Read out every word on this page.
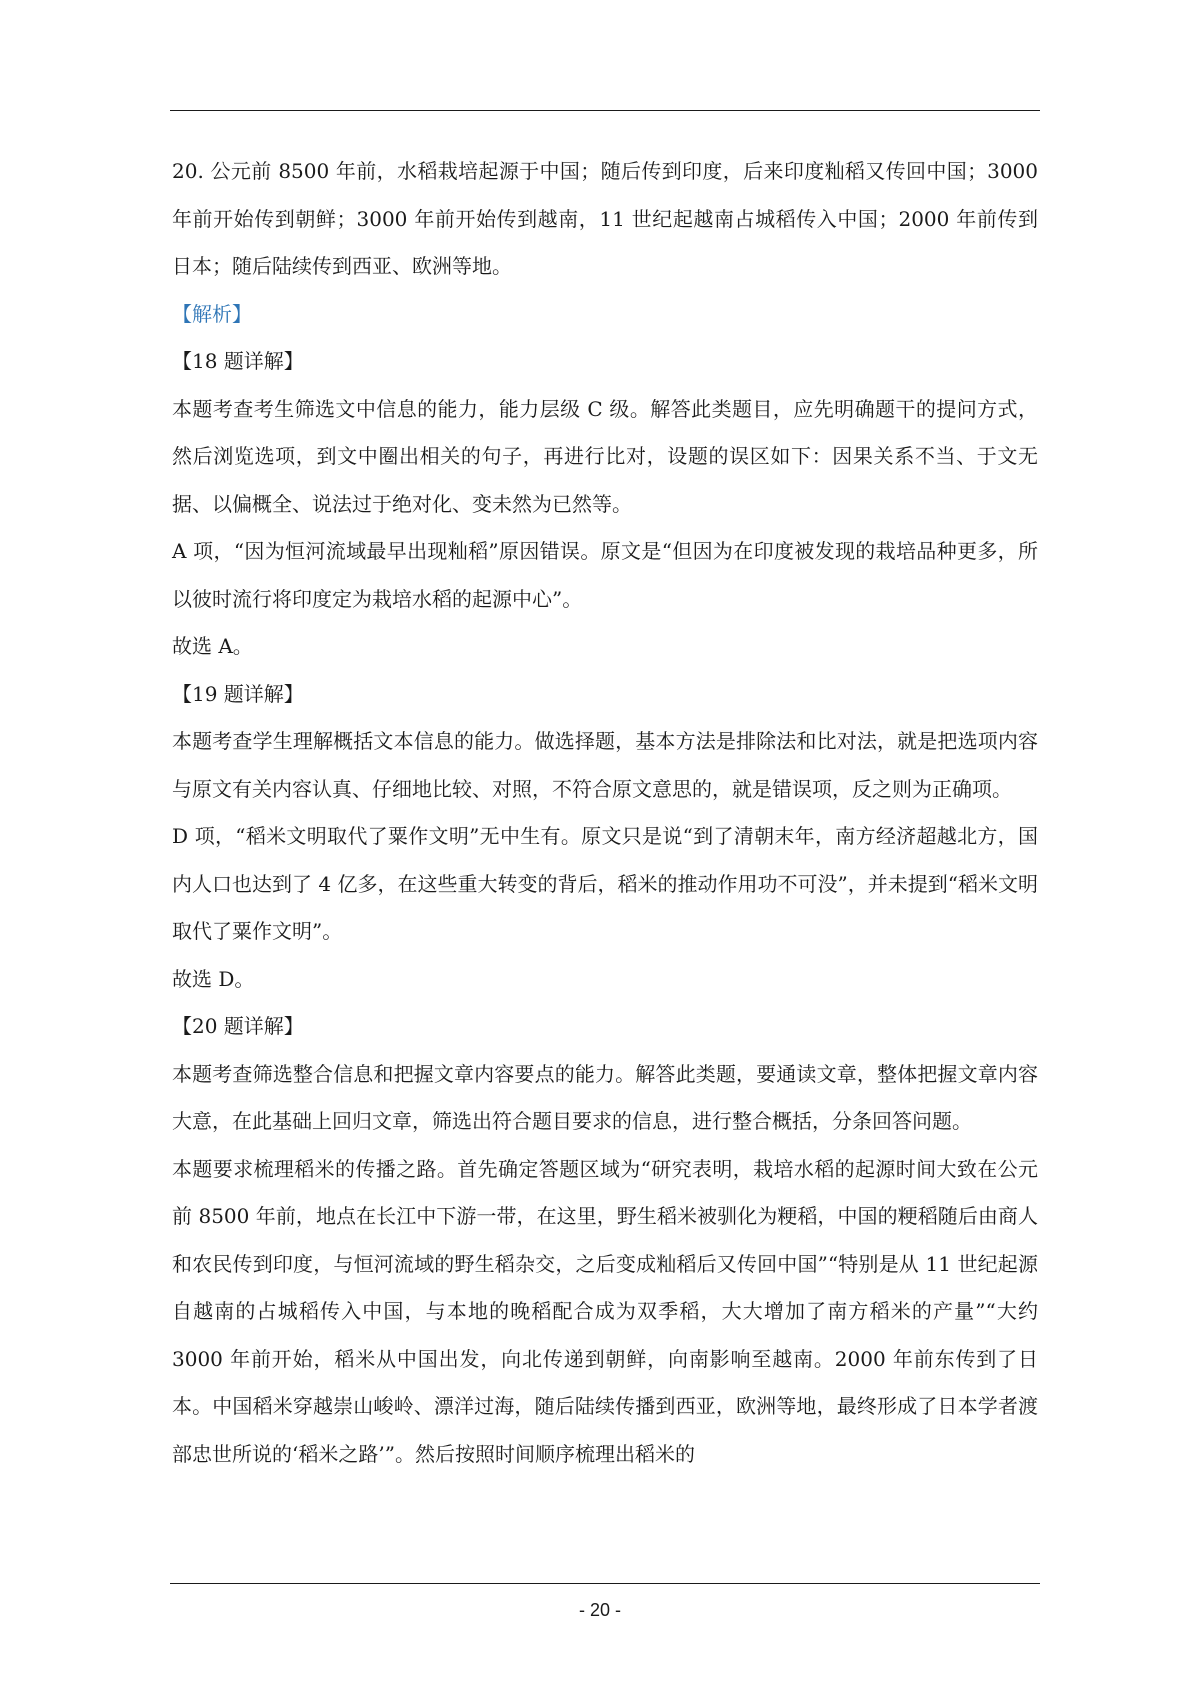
20. 公元前 8500 年前，水稻栽培起源于中国；随后传到印度，后来印度籼稻又传回中国；3000 年前开始传到朝鲜；3000 年前开始传到越南，11 世纪起越南占城稻传入中国；2000 年前传到日本；随后陆续传到西亚、欧洲等地。

【解析】

【18 题详解】

本题考查考生筛选文中信息的能力，能力层级 C 级。解答此类题目，应先明确题干的提问方式，然后浏览选项，到文中圈出相关的句子，再进行比对，设题的误区如下：因果关系不当、于文无据、以偏概全、说法过于绝对化、变未然为已然等。

A 项，“因为恒河流域最早出现籼稻”原因错误。原文是“但因为在印度被发现的栽培品种更多，所以彼时流行将印度定为栽培水稻的起源中心”。

故选 A。

【19 题详解】

本题考查学生理解概括文本信息的能力。做选择题，基本方法是排除法和比对法，就是把选项内容与原文有关内容认真、仔细地比较、对照，不符合原文意思的，就是错误项，反之则为正确项。

D 项，“稻米文明取代了粟作文明”无中生有。原文只是说“到了清朝末年，南方经济超越北方，国内人口也达到了 4 亿多，在这些重大转变的背后，稻米的推动作用功不可没”，并未提到“稻米文明取代了粟作文明”。

故选 D。

【20 题详解】

本题考查筛选整合信息和把握文章内容要点的能力。解答此类题，要通读文章，整体把握文章内容大意，在此基础上回归文章，筛选出符合题目要求的信息，进行整合概括，分条回答问题。

本题要求梳理稻米的传播之路。首先确定答题区域为“研究表明，栽培水稻的起源时间大致在公元前 8500 年前，地点在长江中下游一带，在这里，野生稻米被驯化为粳稻，中国的粳稻随后由商人和农民传到印度，与恒河流域的野生稻杂交，之后变成籼稻后又传回中国”“特别是从 11 世纪起源自越南的占城稻传入中国，与本地的晚稻配合成为双季稻，大大增加了南方稻米的产量”“大约 3000 年前开始，稻米从中国出发，向北传递到朝鲜，向南影响至越南。2000 年前东传到了日本。中国稻米穿越崇山峻岭、漂洋过海，随后陆续传播到西亚，欧洲等地，最终形成了日本学者渡部忠世所说的‘稻米之路’”。然后按照时间顺序梳理出稻米的

- 20 -
